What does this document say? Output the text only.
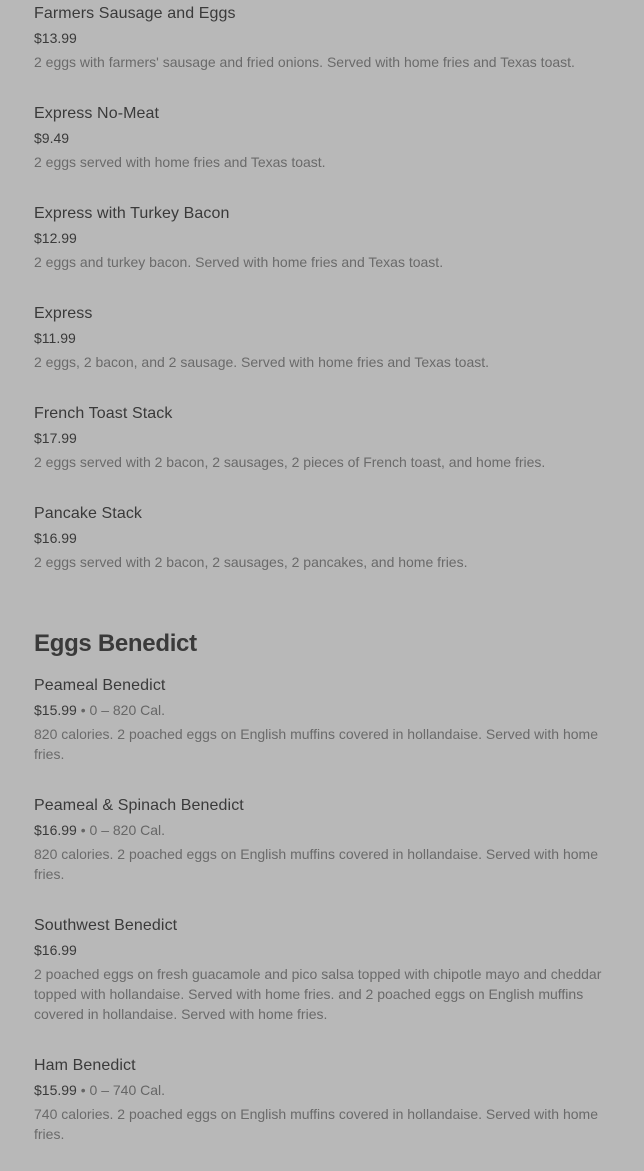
Farmers Sausage and Eggs
$13.99
2 eggs with farmers' sausage and fried onions. Served with home fries and Texas toast.
Express No-Meat
$9.49
2 eggs served with home fries and Texas toast.
Express with Turkey Bacon
$12.99
2 eggs and turkey bacon. Served with home fries and Texas toast.
Express
$11.99
2 eggs, 2 bacon, and 2 sausage. Served with home fries and Texas toast.
French Toast Stack
$17.99
2 eggs served with 2 bacon, 2 sausages, 2 pieces of French toast, and home fries.
Pancake Stack
$16.99
2 eggs served with 2 bacon, 2 sausages, 2 pancakes, and home fries.
Eggs Benedict
Peameal Benedict
$15.99 • 0 – 820 Cal.
820 calories. 2 poached eggs on English muffins covered in hollandaise. Served with home fries.
Peameal & Spinach Benedict
$16.99 • 0 – 820 Cal.
820 calories. 2 poached eggs on English muffins covered in hollandaise. Served with home fries.
Southwest Benedict
$16.99
2 poached eggs on fresh guacamole and pico salsa topped with chipotle mayo and cheddar topped with hollandaise. Served with home fries. and 2 poached eggs on English muffins covered in hollandaise. Served with home fries.
Ham Benedict
$15.99 • 0 – 740 Cal.
740 calories. 2 poached eggs on English muffins covered in hollandaise. Served with home fries.
